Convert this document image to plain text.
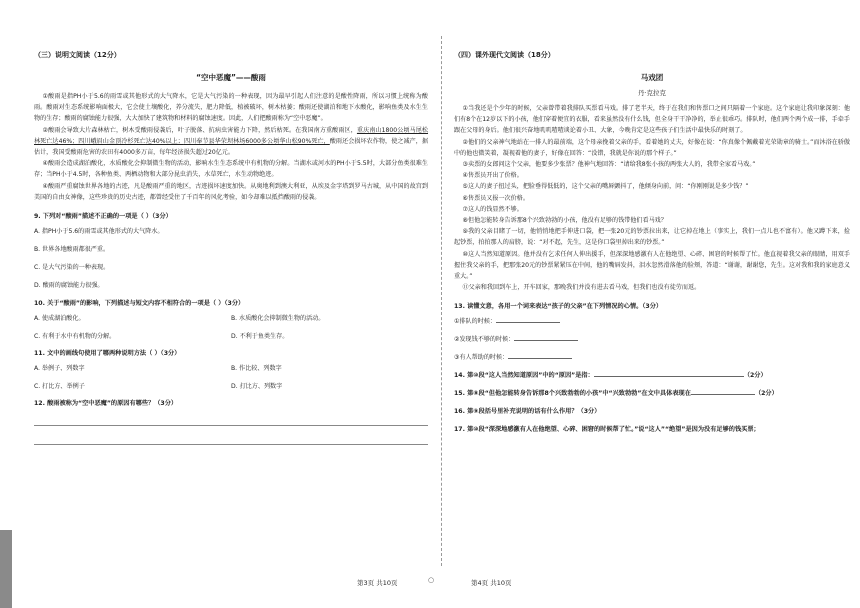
（三）说明文阅读（12分）

“空中恶魔”——酸雨

①酸雨是指PH小于5.6的雨雪或其他形式的大气降水，它是大气污染的一种表现，因为最早引起人们注意的是酸性降雨，所以习惯上统称为酸雨。酸雨对生态系统影响面极大，它会使土壤酸化，养分流失，肥力降低，植被破坏，树木枯萎；酸雨还使湖泊和地下水酸化，影响鱼类及水生生物的生存；酸雨的腐蚀能力很强，大大加快了建筑物和材料的腐蚀速度。因此，人们把酸雨称为“空中恶魔”。

②酸雨会导致大片森林枯亡，树木受酸雨侵袭后，叶子脱落、抗病虫害能力下降，然后枯死。在我国南方重酸雨区，重庆南山1800公顷马尾松林死亡达46%；四川峨眉山金顶冷杉死亡达40%以上；四川奉节县华荣坝林场6000多公顷华山松90%死亡，酸雨还会损坏农作物，使之减产，据估计，我国受酸雨危害的农田有4000多万亩，每年经济损失超过20亿元。

④酸雨会造成湖泊酸化，水质酸化会抑制微生物的活动，影响水生生态系统中有机物的分解。当湖水或河水的PH小于5.5时，大部分鱼类很难生存；当PH小于4.5时，各种鱼类、两栖动物和大部分昆虫消失，水草死亡，水生动物绝迹。

④酸雨严重腐蚀世界各地的古迹，凡是酸雨严重的地区，古迹损坏速度加快。从奥地利到澳大利亚，从埃及金字塔到罗马古城，从中国的故宫到美国的自由女神像，这些珍贵的历史古迹，都曾经受住了千百年的风化考验，如今却难以抵挡酸雨的侵袭。

9. 下列对“酸雨”描述不正确的一项是（ ）（3分）

A. 指PH小于5.6的雨雪或其他形式的大气降水。

B. 世界各地酸雨都很严重。

C. 是大气污染的一种表现。

D. 酸雨的腐蚀能力很强。

10. 关于“酸雨”的影响，下列描述与短文内容不相符合的一项是（ ）（3分）

A. 使成湖泊酸化。	B. 水质酸化会抑制微生物的活动。
C. 有利于水中有机物的分解。	D. 不利于鱼类生存。

11. 文中的画线句使用了哪两种说明方法（ ）（3分）

A. 举例子、列数字	B. 作比较、列数字
C. 打比方、举例子	D. 打比方、列数字

12. 酸雨被称为“空中恶魔”的原因有哪些？（3分）

（四）课外现代文阅读（18分）

马戏团

丹·克拉克

①当我还是个少年的时候，父亲曾带着我排队买票看马戏。排了老半天，终于在我们和售票口之间只隔着一个家庭。这个家庭让我印象深刻：他们有8个在12岁以下的小孩，他们穿着便宜的衣服，看来虽然没有什么钱，但全身干干净净的，举止很乖巧。排队时，他们两个两个成一排，手牵手跟在父母的身后。他们很兴奋地叽叽喳喳谈论着小丑、大象，今晚肯定是这些孩子们生活中最快乐的时刻了。

②他们的父亲神气地站在一排人的最前端，这个母亲挽着父亲的手，看着她的丈夫，好像在说：“你真像个佩戴着光荣勋章的骑士。”而沐浴在骄傲中的他也微笑着，凝视着他的妻子，好像在回答：“没错，我就是你说的那个样子。”

③卖票的女郎问这个父亲，他要多少张票？他神气地回答：“请给我8张小孩的两张大人的，我带全家看马戏。”

④售票员开出了价格。

⑤这人的妻子扭过头，把脸垂得低低的，这个父亲的嘴唇颤抖了，他倾身向前，问：“你刚刚说是多少钱？”

⑥售票员又报一次价格。

⑦这人的钱显然不够。

⑧但他怎能转身告诉那8个兴致勃勃的小孩，他没有足够的钱带他们看马戏？

⑨我的父亲目睹了一切，他悄悄地把手伸进口袋，把一张20元的钞票拉出来，让它掉在地上（事实上，我们一点儿也不富有）。他又蹲下来，捡起钞票，拍拍那人的肩膀，说：“对不起，先生，这是你口袋里掉出来的钞票。”

⑩这人当然知道原因。他并没有乞求任何人伸出援手，但深深地感激有人在他绝望、心碎、困窘的时候帮了忙。他直视着我父亲的眼睛，用双手握住我父亲的手，把那张20元的钞票紧紧压在中间，他的嘴唇发抖，泪水忽然滑落他的脸颊，答道：“谢谢，谢谢您，先生。这对我和我的家庭意义重大。”

⑪父亲和我回到车上，开车回家，那晚我们并没有进去看马戏，但我们也没有徒劳而返。

13. 读懂文意，各用一个词来表达“孩子的父亲”在下列情况的心情。（3分）

①排队的时候：

②发现钱不够的时候：

③有人帮助的时候：

14. 第⑩段“这人当然知道原因”中的“原因”是指：	（2分）

15. 第⑧段“但他怎能转身告诉那8个兴致勃勃的小孩”中“兴致勃勃”在文中具体表现在	（2分）

16. 第⑨段括号里补充说明的话有什么作用？（3分）

17. 第⑩段“深深地感激有人在他绝望、心碎、困窘的时候帮了忙。”说“这人”“绝望”是因为没有足够的钱买票；

第3页 共10页	○	第4页 共10页
